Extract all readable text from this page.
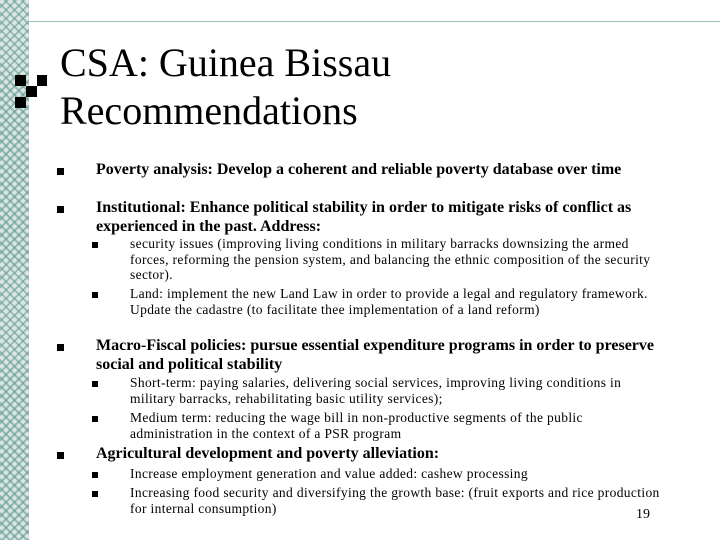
CSA: Guinea Bissau
Recommendations
Poverty analysis: Develop a coherent and reliable poverty database over time
Institutional: Enhance political stability in order to mitigate risks of conflict as experienced in the past. Address:
security issues (improving living conditions in military barracks downsizing the armed forces, reforming the pension system, and balancing the ethnic composition of the security sector).
Land: implement the new Land Law in order to provide a legal and regulatory framework. Update the cadastre (to facilitate thee implementation of a land reform)
Macro-Fiscal policies: pursue essential expenditure programs in order to preserve social and political stability
Short-term: paying salaries, delivering social services, improving living conditions in military barracks, rehabilitating basic utility services);
Medium term: reducing the wage bill in non-productive segments of the public administration in the context of a PSR program
Agricultural development and poverty alleviation:
Increase employment generation and value added: cashew processing
Increasing food security and diversifying the growth base: (fruit exports and rice production for internal consumption)	19
